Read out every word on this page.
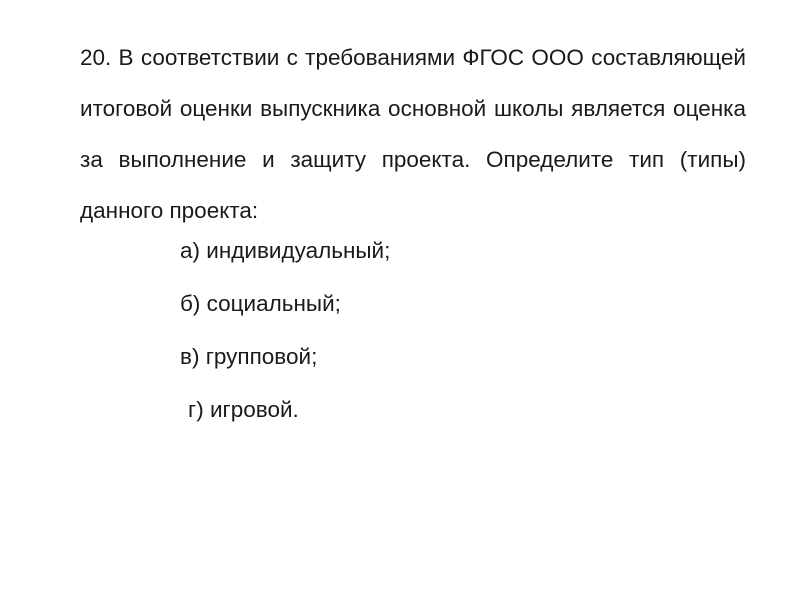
20. В соответствии с требованиями ФГОС ООО составляющей итоговой оценки выпускника основной школы является оценка за выполнение и защиту проекта. Определите тип (типы) данного проекта:

а) индивидуальный;
б) социальный;
в) групповой;
г) игровой.
